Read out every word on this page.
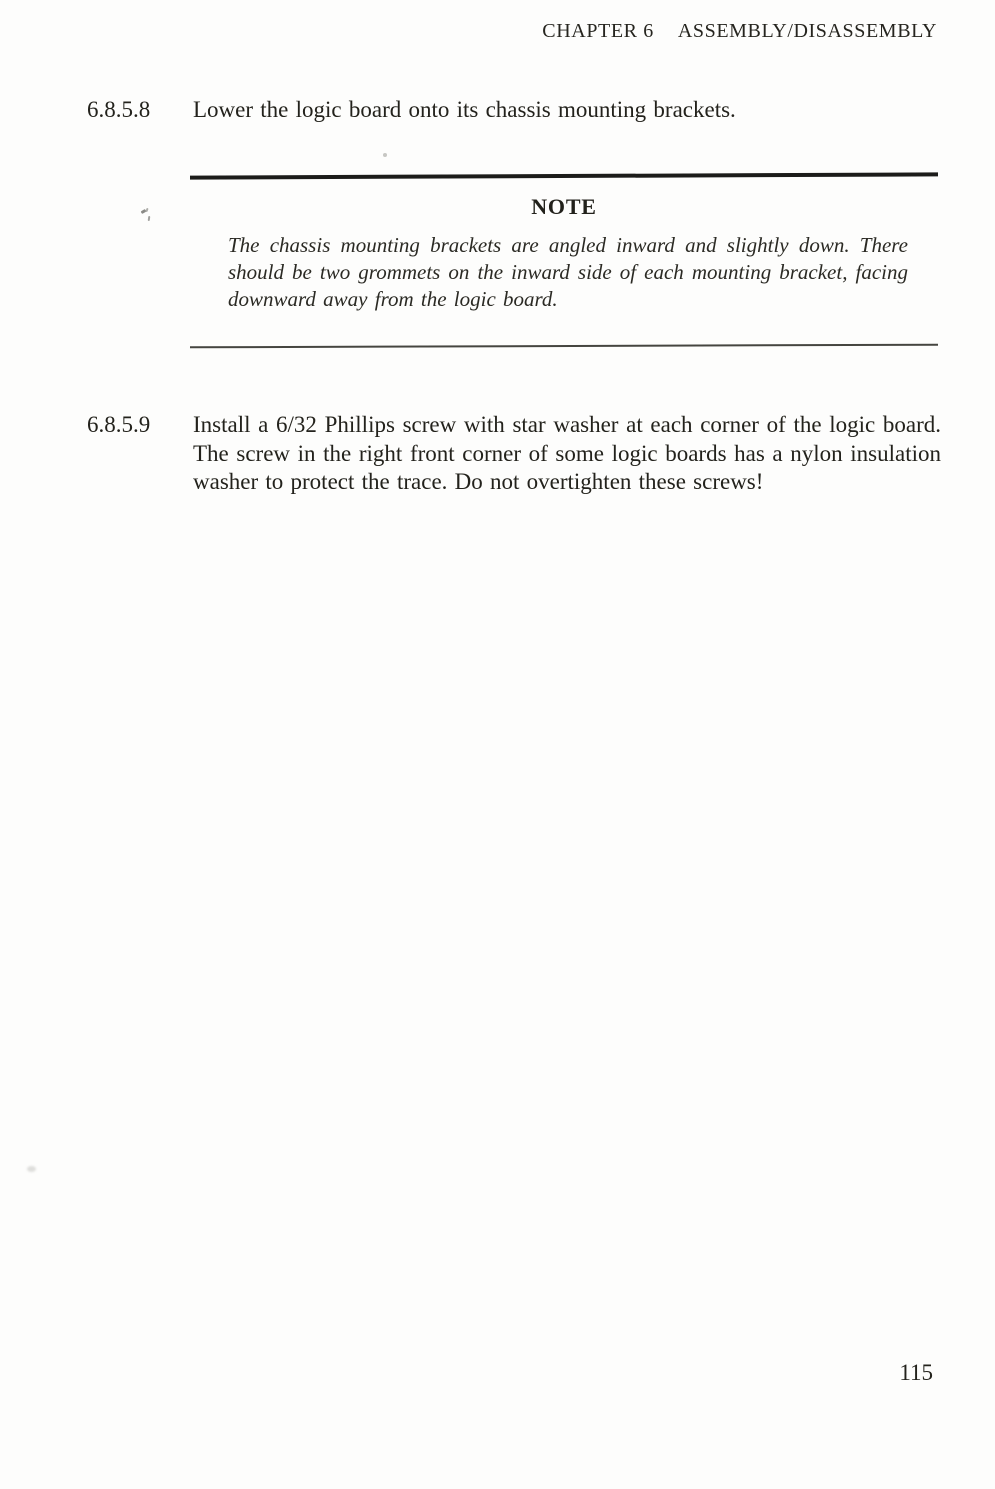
CHAPTER 6 ASSEMBLY/DISASSEMBLY
6.8.5.8	Lower the logic board onto its chassis mounting brackets.

NOTE

The chassis mounting brackets are angled inward and slightly down. There should be two grommets on the inward side of each mounting bracket, facing downward away from the logic board.

6.8.5.9	Install a 6/32 Phillips screw with star washer at each corner of the logic board. The screw in the right front corner of some logic boards has a nylon insulation washer to protect the trace. Do not overtighten these screws!

115
